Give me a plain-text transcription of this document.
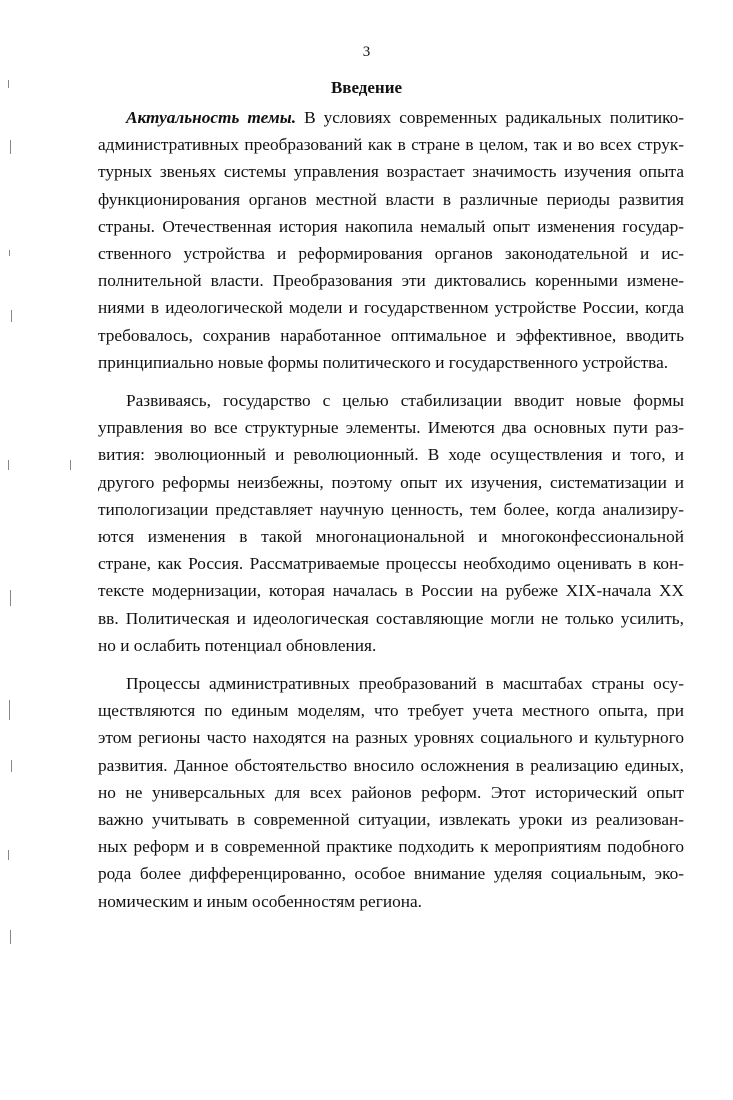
3
Введение
Актуальность темы. В условиях современных радикальных политико-
административных преобразований как в стране в целом, так и во всех струк-
турных звеньях системы управления возрастает значимость изучения опыта
функционирования органов местной власти в различные периоды развития
страны. Отечественная история накопила немалый опыт изменения государ-
ственного устройства и реформирования органов законодательной и ис-
полнительной власти. Преобразования эти диктовались коренными измене-
ниями в идеологической модели и государственном устройстве России, когда
требовалось, сохранив наработанное оптимальное и эффективное, вводить
принципиально новые формы политического и государственного устройства.
Развиваясь, государство с целью стабилизации вводит новые формы
управления во все структурные элементы. Имеются два основных пути раз-
вития: эволюционный и революционный. В ходе осуществления и того, и
другого реформы неизбежны, поэтому опыт их изучения, систематизации и
типологизации представляет научную ценность, тем более, когда анализиру-
ются изменения в такой многонациональной и многоконфессиональной
стране, как Россия. Рассматриваемые процессы необходимо оценивать в кон-
тексте модернизации, которая началась в России на рубеже XIX-начала XX
вв. Политическая и идеологическая составляющие могли не только усилить,
но и ослабить потенциал обновления.
Процессы административных преобразований в масштабах страны осу-
ществляются по единым моделям, что требует учета местного опыта, при
этом регионы часто находятся на разных уровнях социального и культурного
развития. Данное обстоятельство вносило осложнения в реализацию единых,
но не универсальных для всех районов реформ. Этот исторический опыт
важно учитывать в современной ситуации, извлекать уроки из реализован-
ных реформ и в современной практике подходить к мероприятиям подобного
рода более дифференцированно, особое внимание уделяя социальным, эко-
номическим и иным особенностям региона.
